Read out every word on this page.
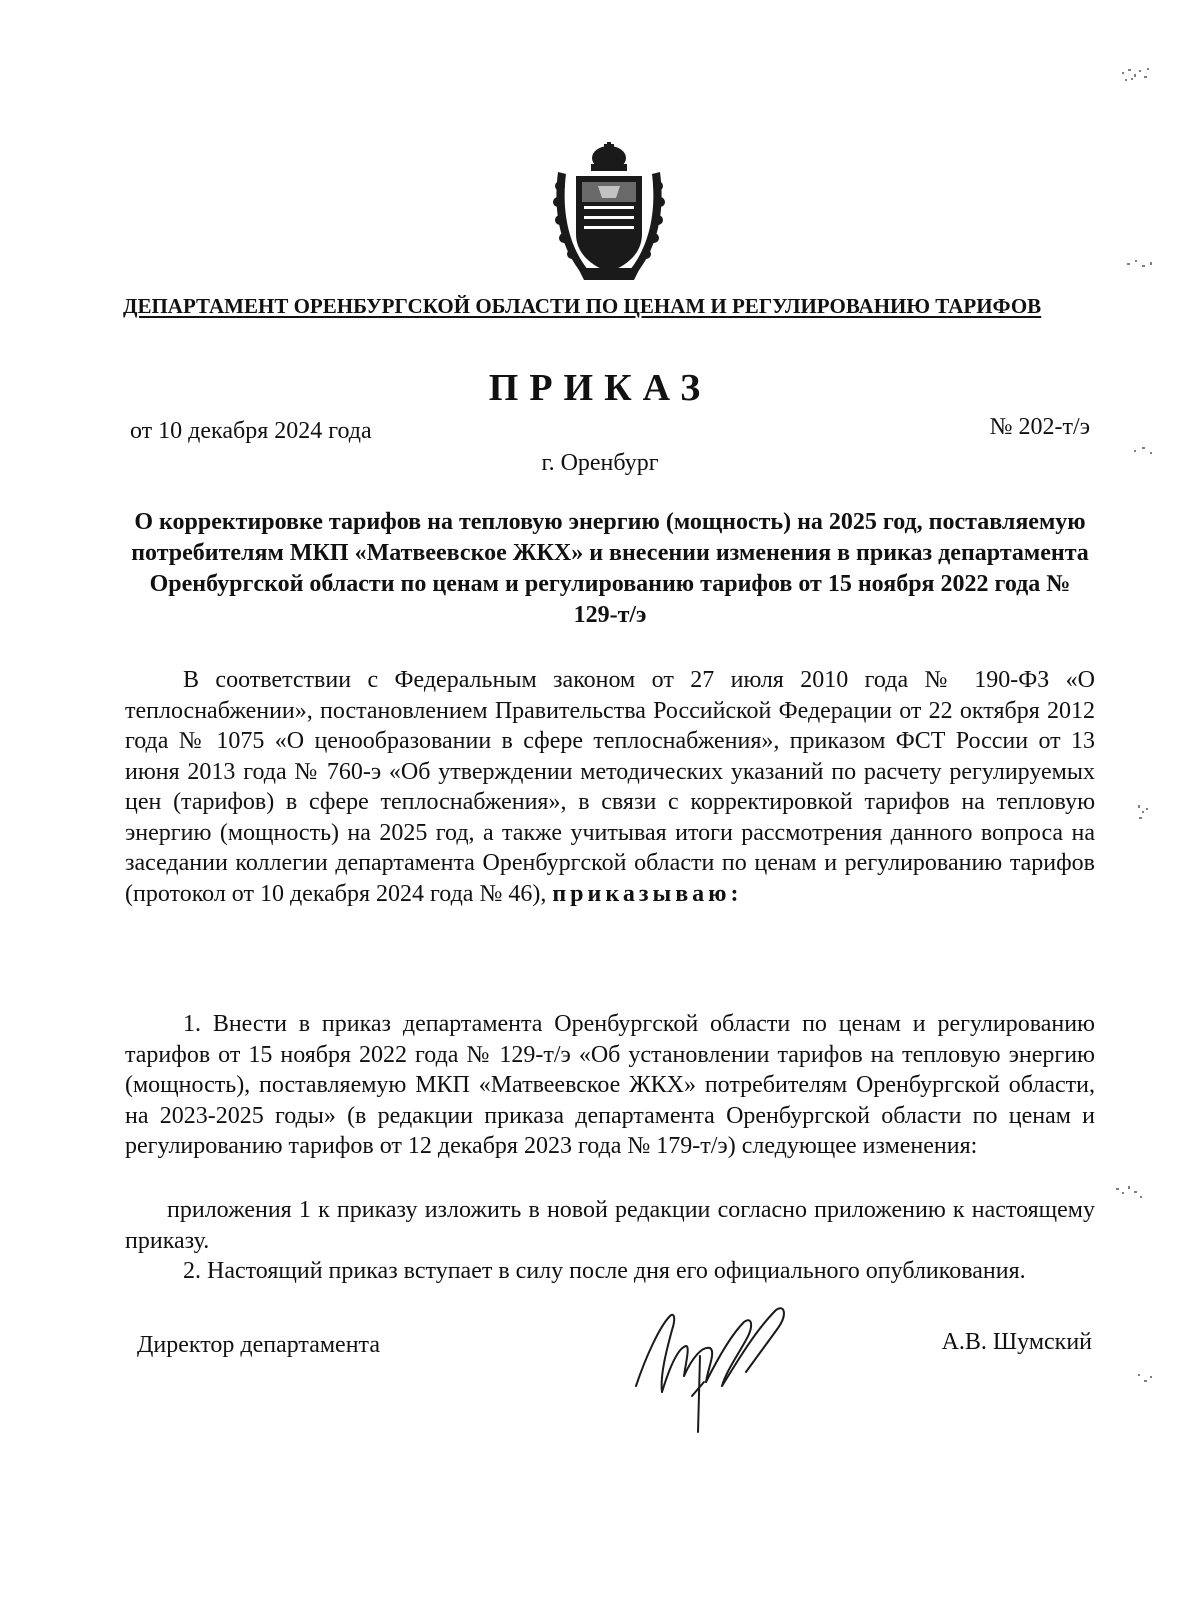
ДЕПАРТАМЕНТ ОРЕНБУРГСКОЙ ОБЛАСТИ ПО ЦЕНАМ И РЕГУЛИРОВАНИЮ ТАРИФОВ
ПРИКАЗ
от 10 декабря 2024 года	№ 202-т/э
г. Оренбург
О корректировке тарифов на тепловую энергию (мощность) на 2025 год, поставляемую потребителям МКП «Матвеевское ЖКХ» и внесении изменения в приказ департамента Оренбургской области по ценам и регулированию тарифов от 15 ноября 2022 года № 129-т/э
В соответствии с Федеральным законом от 27 июля 2010 года № 190-ФЗ «О теплоснабжении», постановлением Правительства Российской Федерации от 22 октября 2012 года № 1075 «О ценообразовании в сфере теплоснабжения», приказом ФСТ России от 13 июня 2013 года № 760-э «Об утверждении методических указаний по расчету регулируемых цен (тарифов) в сфере теплоснабжения», в связи с корректировкой тарифов на тепловую энергию (мощность) на 2025 год, а также учитывая итоги рассмотрения данного вопроса на заседании коллегии департамента Оренбургской области по ценам и регулированию тарифов (протокол от 10 декабря 2024 года № 46), приказываю:
1. Внести в приказ департамента Оренбургской области по ценам и регулированию тарифов от 15 ноября 2022 года № 129-т/э «Об установлении тарифов на тепловую энергию (мощность), поставляемую МКП «Матвеевское ЖКХ» потребителям Оренбургской области, на 2023-2025 годы» (в редакции приказа департамента Оренбургской области по ценам и регулированию тарифов от 12 декабря 2023 года № 179-т/э) следующее изменения:
приложения 1 к приказу изложить в новой редакции согласно приложению к настоящему приказу.
2. Настоящий приказ вступает в силу после дня его официального опубликования.
Директор департамента	А.В. Шумский
